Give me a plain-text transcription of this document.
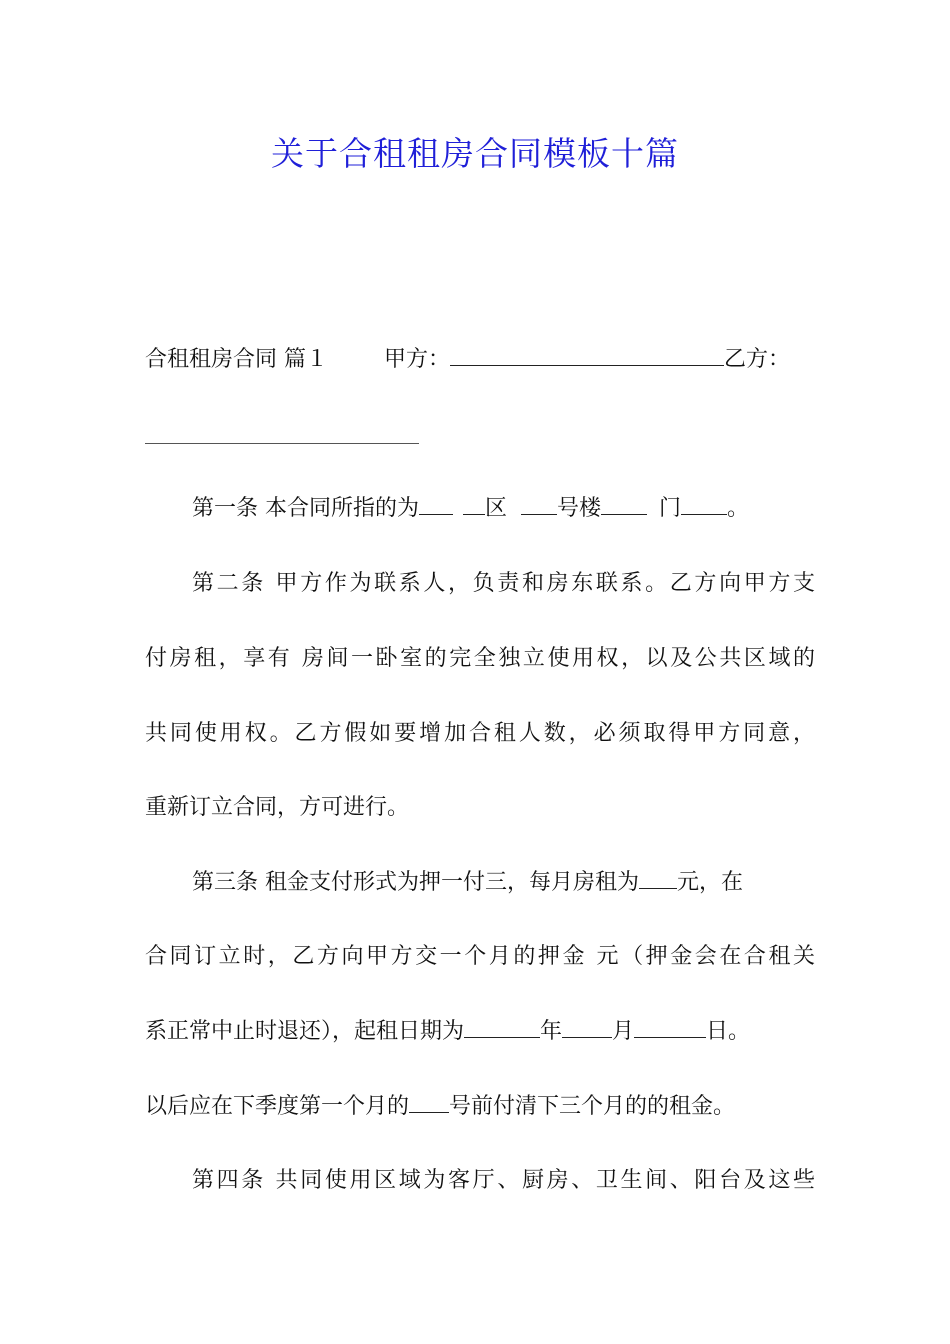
关于合租租房合同模板十篇

合租租房合同 篇１	甲方：	乙方：

第一条 本合同所指的为	区 号楼	门 。

第二条 甲方作为联系人，负责和房东联系。乙方向甲方支

付房租，享有 房间一卧室的完全独立使用权，以及公共区域的

共同使用权。乙方假如要增加合租人数，必须取得甲方同意，

重新订立合同，方可进行。

第三条 租金支付形式为押一付三，每月房租为 元，在

合同订立时，乙方向甲方交一个月的押金 元（押金会在合租关

系正常中止时退还），起租日期为	年 月	日。

以后应在下季度第一个月的 号前付清下三个月的的租金。

第四条 共同使用区域为客厅、厨房、卫生间、阳台及这些
